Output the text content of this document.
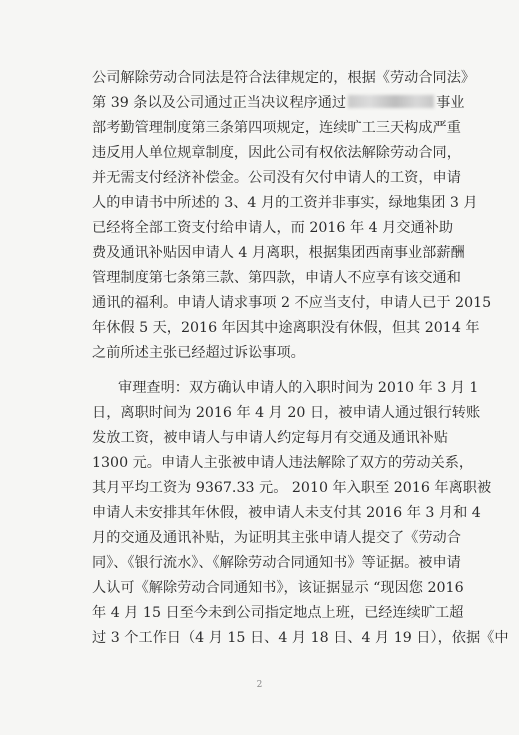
公司解除劳动合同法是符合法律规定的，根据《劳动合同法》
第 39 条以及公司通过正当决议程序通过	事业
部考勤管理制度第三条第四项规定，连续旷工三天构成严重
违反用人单位规章制度，因此公司有权依法解除劳动合同，
并无需支付经济补偿金。公司没有欠付申请人的工资，申请
人的申请书中所述的 3、4 月的工资并非事实，绿地集团 3 月
已经将全部工资支付给申请人，而 2016 年 4 月交通补助
费及通讯补贴因申请人 4 月离职，根据集团西南事业部薪酬
管理制度第七条第三款、第四款，申请人不应享有该交通和
通讯的福利。申请人请求事项 2 不应当支付，申请人已于 2015
年休假 5 天，2016 年因其中途离职没有休假，但其 2014 年
之前所述主张已经超过诉讼事项。
审理查明：双方确认申请人的入职时间为 2010 年 3 月 1
日，离职时间为 2016 年 4 月 20 日，被申请人通过银行转账
发放工资，被申请人与申请人约定每月有交通及通讯补贴
1300 元。申请人主张被申请人违法解除了双方的劳动关系，
其月平均工资为 9367.33 元。 2010 年入职至 2016 年离职被
申请人未安排其年休假，被申请人未支付其 2016 年 3 月和 4
月的交通及通讯补贴，为证明其主张申请人提交了《劳动合
同》、《银行流水》、《解除劳动合同通知书》等证据。被申请
人认可《解除劳动合同通知书》，该证据显示 “现因您 2016
年 4 月 15 日至今未到公司指定地点上班，已经连续旷工超
过 3 个工作日（4 月 15 日、4 月 18 日、4 月 19 日），依据《中
2
